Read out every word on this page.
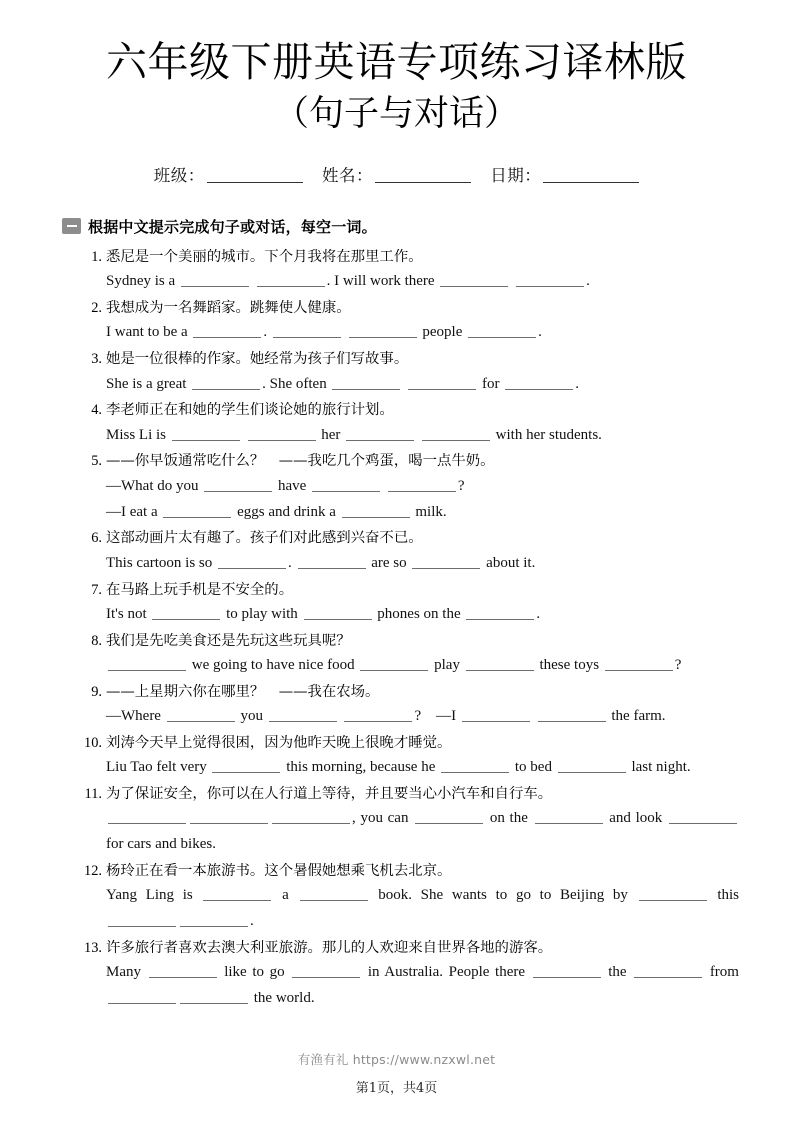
六年级下册英语专项练习译林版
（句子与对话）
班级：	姓名：	日期：
根据中文提示完成句子或对话，每空一词。
1. 悉尼是一个美丽的城市。下个月我将在那里工作。
Sydney is a	. I will work there	.
2. 我想成为一名舞蹈家。跳舞使人健康。
I want to be a	.	people	.
3. 她是一位很棒的作家。她经常为孩子们写故事。
She is a great	. She often	for	.
4. 李老师正在和她的学生们谈论她的旅行计划。
Miss Li is	her	with her students.
5. ——你早饭通常吃什么？　——我吃几个鸡蛋，喝一点牛奶。
—What do you	have	?
—I eat a	eggs and drink a	milk.
6. 这部动画片太有趣了。孩子们对此感到兴奋不已。
This cartoon is so	.	are so	about it.
7. 在马路上玩手机是不安全的。
It's not	to play with	phones on the	.
8. 我们是先吃美食还是先玩这些玩具呢？
we going to have nice food	play	these toys	?
9. ——上星期六你在哪里？　——我在农场。
—Where	you	?　—I	the farm.
10. 刘涛今天早上觉得很困，因为他昨天晚上很晚才睡觉。
Liu Tao felt very	this morning, because he	to bed	last night.
11. 为了保证安全，你可以在人行道上等待，并且要当心小汽车和自行车。
, you can	on the	and look  for cars and bikes.
12. 杨玲正在看一本旅游书。这个暑假她想乘飞机去北京。
Yang Ling is	a	book. She wants to go to Beijing by	this .
13. 许多旅行者喜欢去澳大利亚旅游。那儿的人欢迎来自世界各地的游客。
Many	like to go	in Australia. People there	the	from  the world.
有渔有礼 https://www.nzxwl.net
第1页，共4页
